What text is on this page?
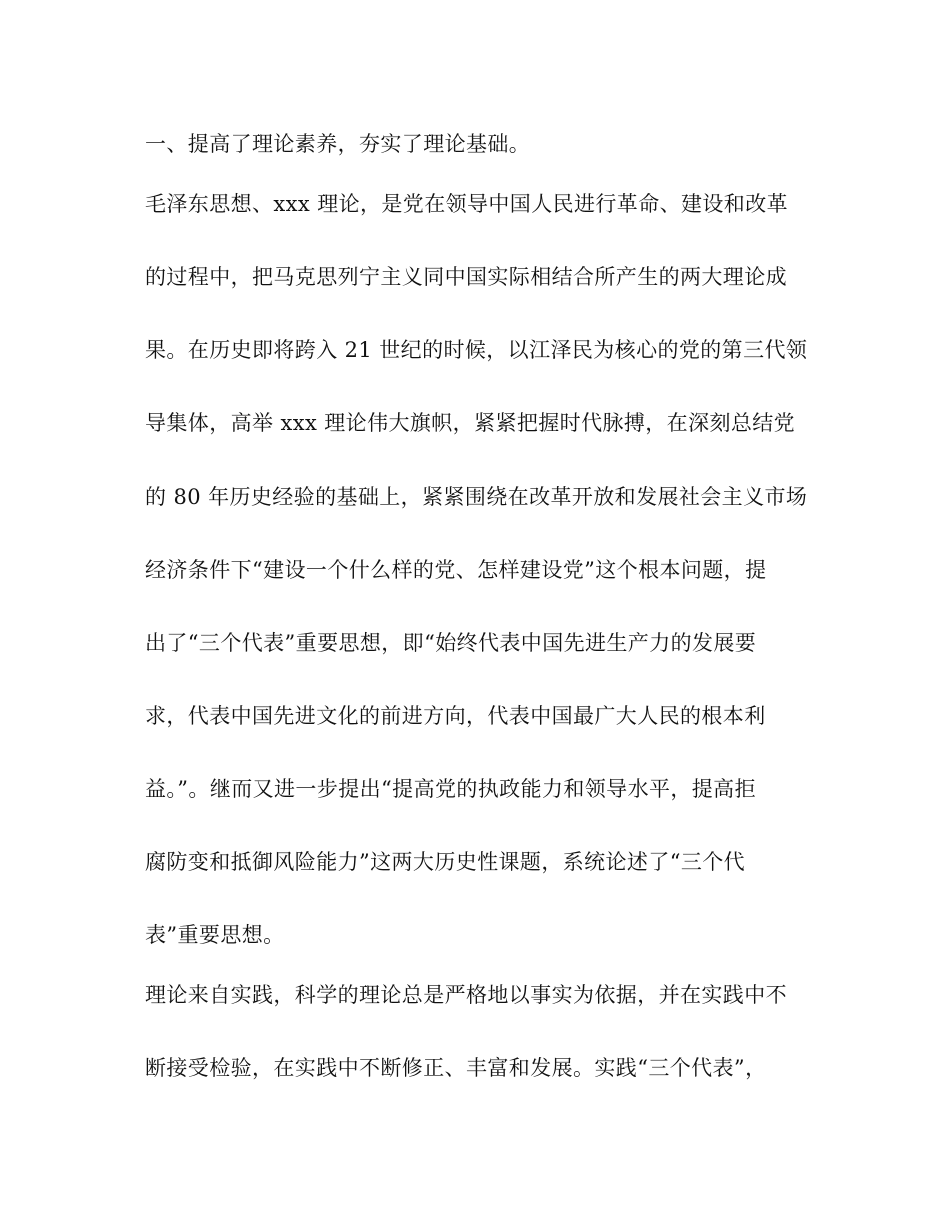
一、提高了理论素养，夯实了理论基础。
毛泽东思想、xxx 理论，是党在领导中国人民进行革命、建设和改革
的过程中，把马克思列宁主义同中国实际相结合所产生的两大理论成
果。在历史即将跨入 21 世纪的时候，以江泽民为核心的党的第三代领
导集体，高举 xxx 理论伟大旗帜，紧紧把握时代脉搏，在深刻总结党
的 80 年历史经验的基础上，紧紧围绕在改革开放和发展社会主义市场
经济条件下“建设一个什么样的党、怎样建设党”这个根本问题，提
出了“三个代表”重要思想，即“始终代表中国先进生产力的发展要
求，代表中国先进文化的前进方向，代表中国最广大人民的根本利
益。”。继而又进一步提出“提高党的执政能力和领导水平，提高拒
腐防变和抵御风险能力”这两大历史性课题，系统论述了“三个代
表”重要思想。
理论来自实践，科学的理论总是严格地以事实为依据，并在实践中不
断接受检验，在实践中不断修正、丰富和发展。实践“三个代表”，
